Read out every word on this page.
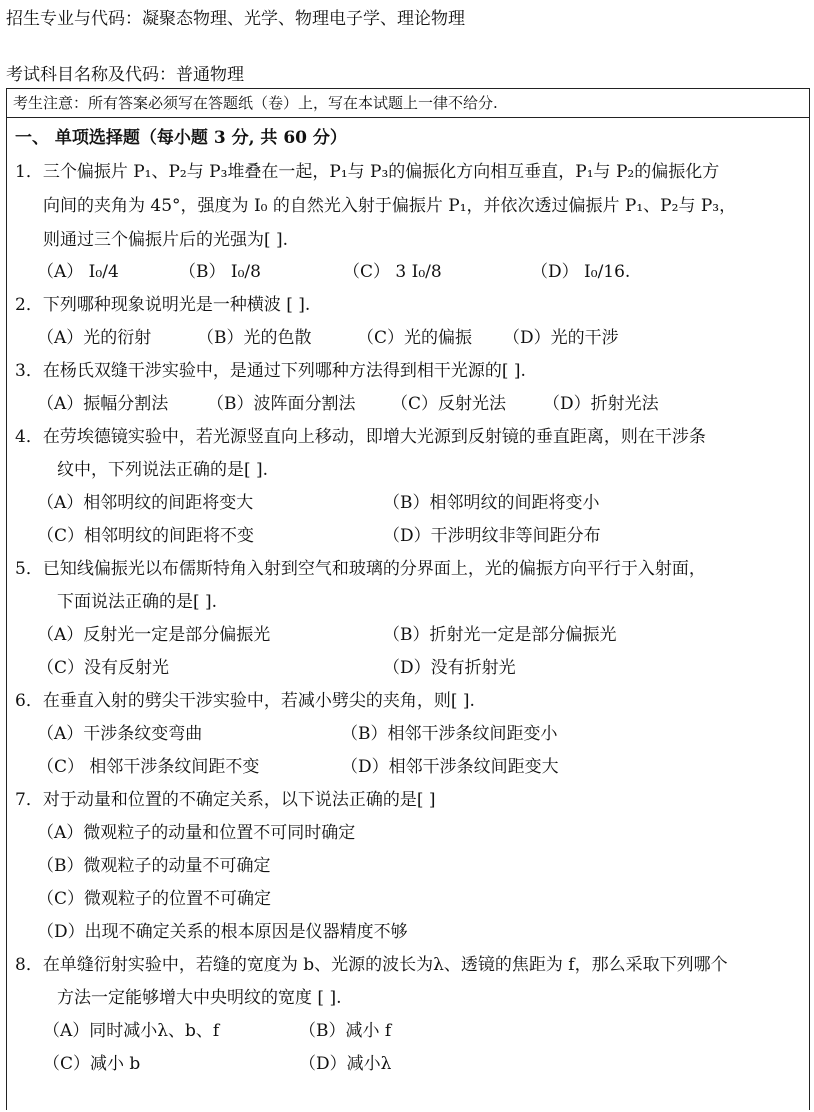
招生专业与代码：凝聚态物理、光学、物理电子学、理论物理
考试科目名称及代码：普通物理
考生注意：所有答案必须写在答题纸（卷）上，写在本试题上一律不给分.
一、 单项选择题（每小题 3 分, 共 60 分）
1．三个偏振片 P₁、P₂与 P₃堆叠在一起，P₁与 P₃的偏振化方向相互垂直，P₁与 P₂的偏振化方
向间的夹角为 45°，强度为 I₀ 的自然光入射于偏振片 P₁，并依次透过偏振片 P₁、P₂与 P₃，
则通过三个偏振片后的光强为[ ].
（A） I₀/4	（B） I₀/8	（C） 3 I₀/8	（D） I₀/16.
2．下列哪种现象说明光是一种横波 [ ].
（A）光的衍射	（B）光的色散	（C）光的偏振 （D）光的干涉
3．在杨氏双缝干涉实验中，是通过下列哪种方法得到相干光源的[ ].
（A）振幅分割法 （B）波阵面分割法 （C）反射光法 （D）折射光法
4．在劳埃德镜实验中，若光源竖直向上移动，即增大光源到反射镜的垂直距离，则在干涉条
纹中，下列说法正确的是[ ].
（A）相邻明纹的间距将变大	（B）相邻明纹的间距将变小
（C）相邻明纹的间距将不变	（D）干涉明纹非等间距分布
5．已知线偏振光以布儒斯特角入射到空气和玻璃的分界面上，光的偏振方向平行于入射面，
下面说法正确的是[ ].
（A）反射光一定是部分偏振光	（B）折射光一定是部分偏振光
（C）没有反射光	（D）没有折射光
6．在垂直入射的劈尖干涉实验中，若减小劈尖的夹角，则[ ].
（A）干涉条纹变弯曲	（B）相邻干涉条纹间距变小
（C） 相邻干涉条纹间距不变	（D）相邻干涉条纹间距变大
7．对于动量和位置的不确定关系，以下说法正确的是[ ]
（A）微观粒子的动量和位置不可同时确定
（B）微观粒子的动量不可确定
（C）微观粒子的位置不可确定
（D）出现不确定关系的根本原因是仪器精度不够
8．在单缝衍射实验中，若缝的宽度为 b、光源的波长为λ、透镜的焦距为 f，那么采取下列哪个
方法一定能够增大中央明纹的宽度 [ ].
（A）同时减小λ、b、f	（B）减小 f
（C）减小 b	（D）减小λ
